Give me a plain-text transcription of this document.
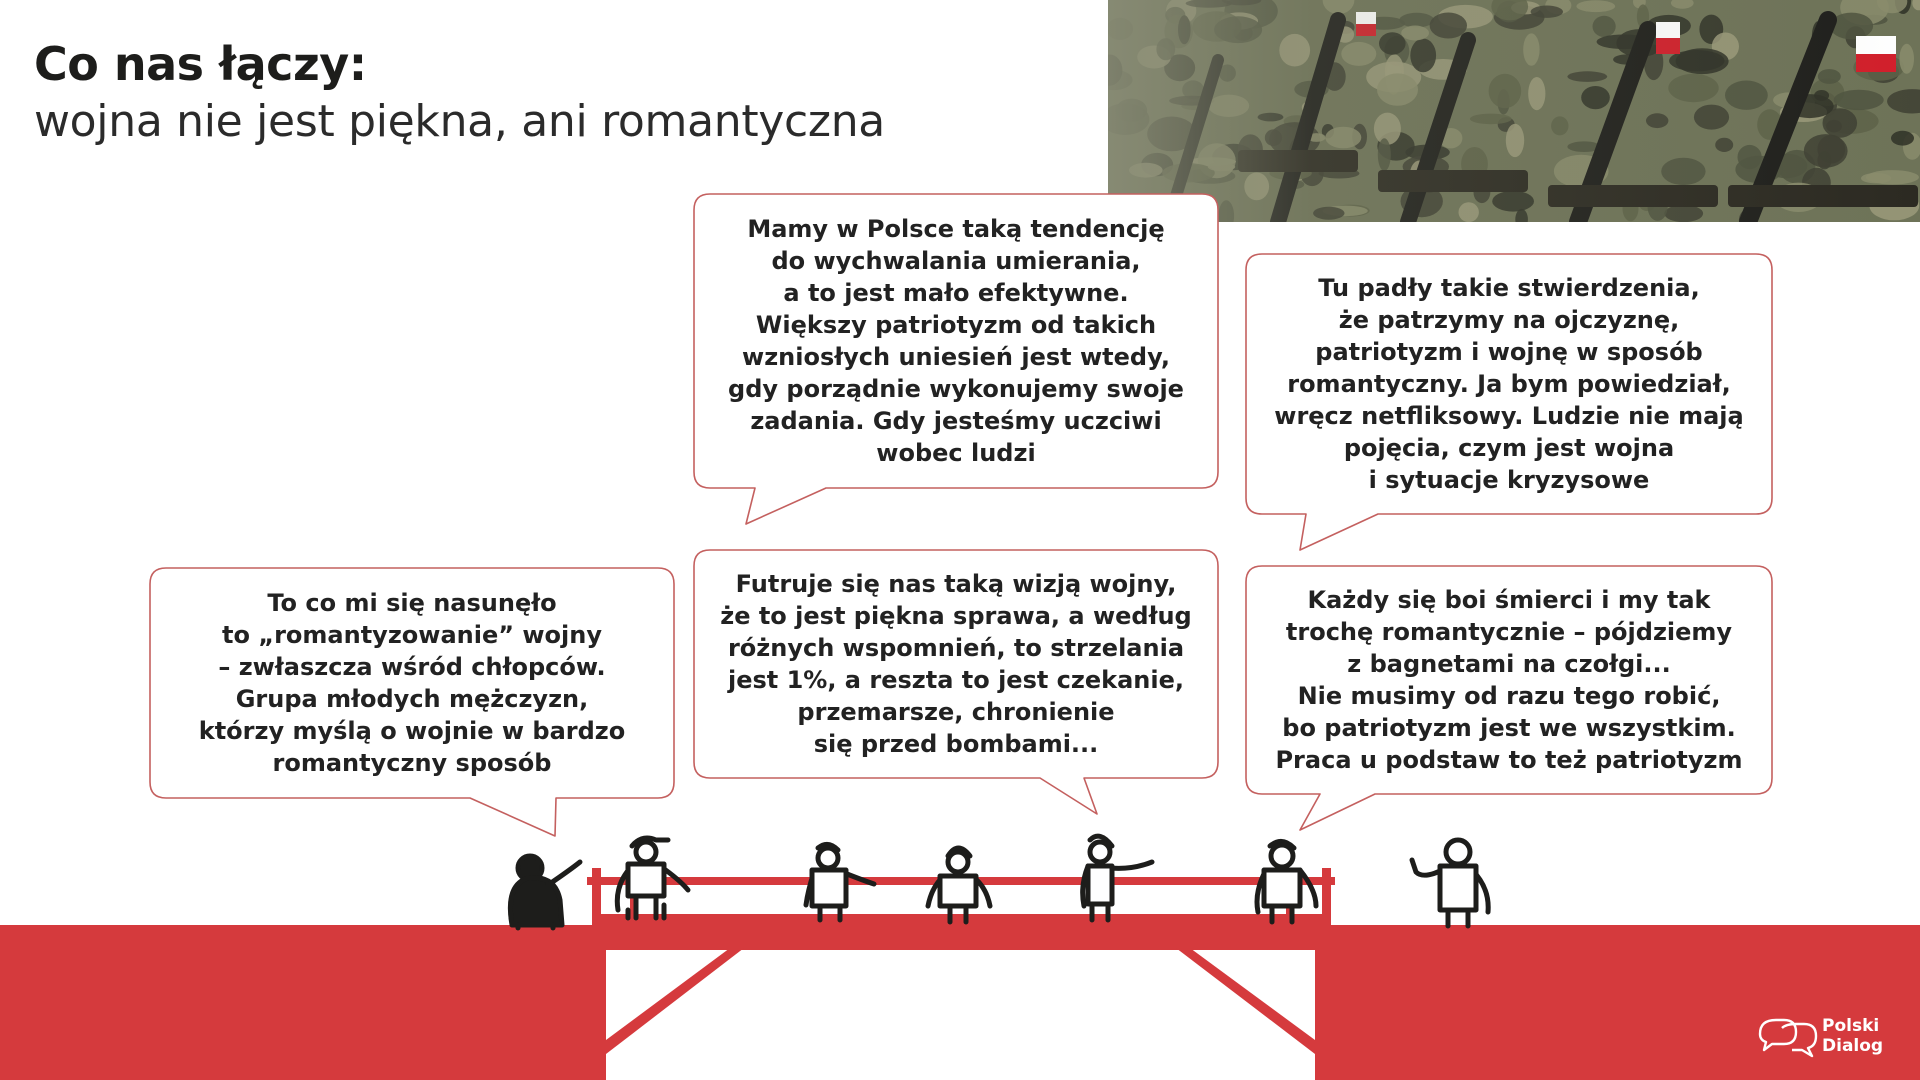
Co nas łączy:
wojna nie jest piękna, ani romantyczna
To co mi się nasunęło
to „romantyzowanie” wojny
– zwłaszcza wśród chłopców.
Grupa młodych mężczyzn,
którzy myślą o wojnie w bardzo
romantyczny sposób
Mamy w Polsce taką tendencję
do wychwalania umierania,
a to jest mało efektywne.
Większy patriotyzm od takich
wzniosłych uniesień jest wtedy,
gdy porządnie wykonujemy swoje
zadania. Gdy jesteśmy uczciwi
wobec ludzi
Futruje się nas taką wizją wojny,
że to jest piękna sprawa, a według
różnych wspomnień, to strzelania
jest 1%, a reszta to jest czekanie,
przemarsze, chronienie
się przed bombami...
Tu padły takie stwierdzenia,
że patrzymy na ojczyznę,
patriotyzm i wojnę w sposób
romantyczny. Ja bym powiedział,
wręcz netfliksowy. Ludzie nie mają
pojęcia, czym jest wojna
i sytuacje kryzysowe
Każdy się boi śmierci i my tak
trochę romantycznie – pójdziemy
z bagnetami na czołgi...
Nie musimy od razu tego robić,
bo patriotyzm jest we wszystkim.
Praca u podstaw to też patriotyzm
Polski
Dialog
